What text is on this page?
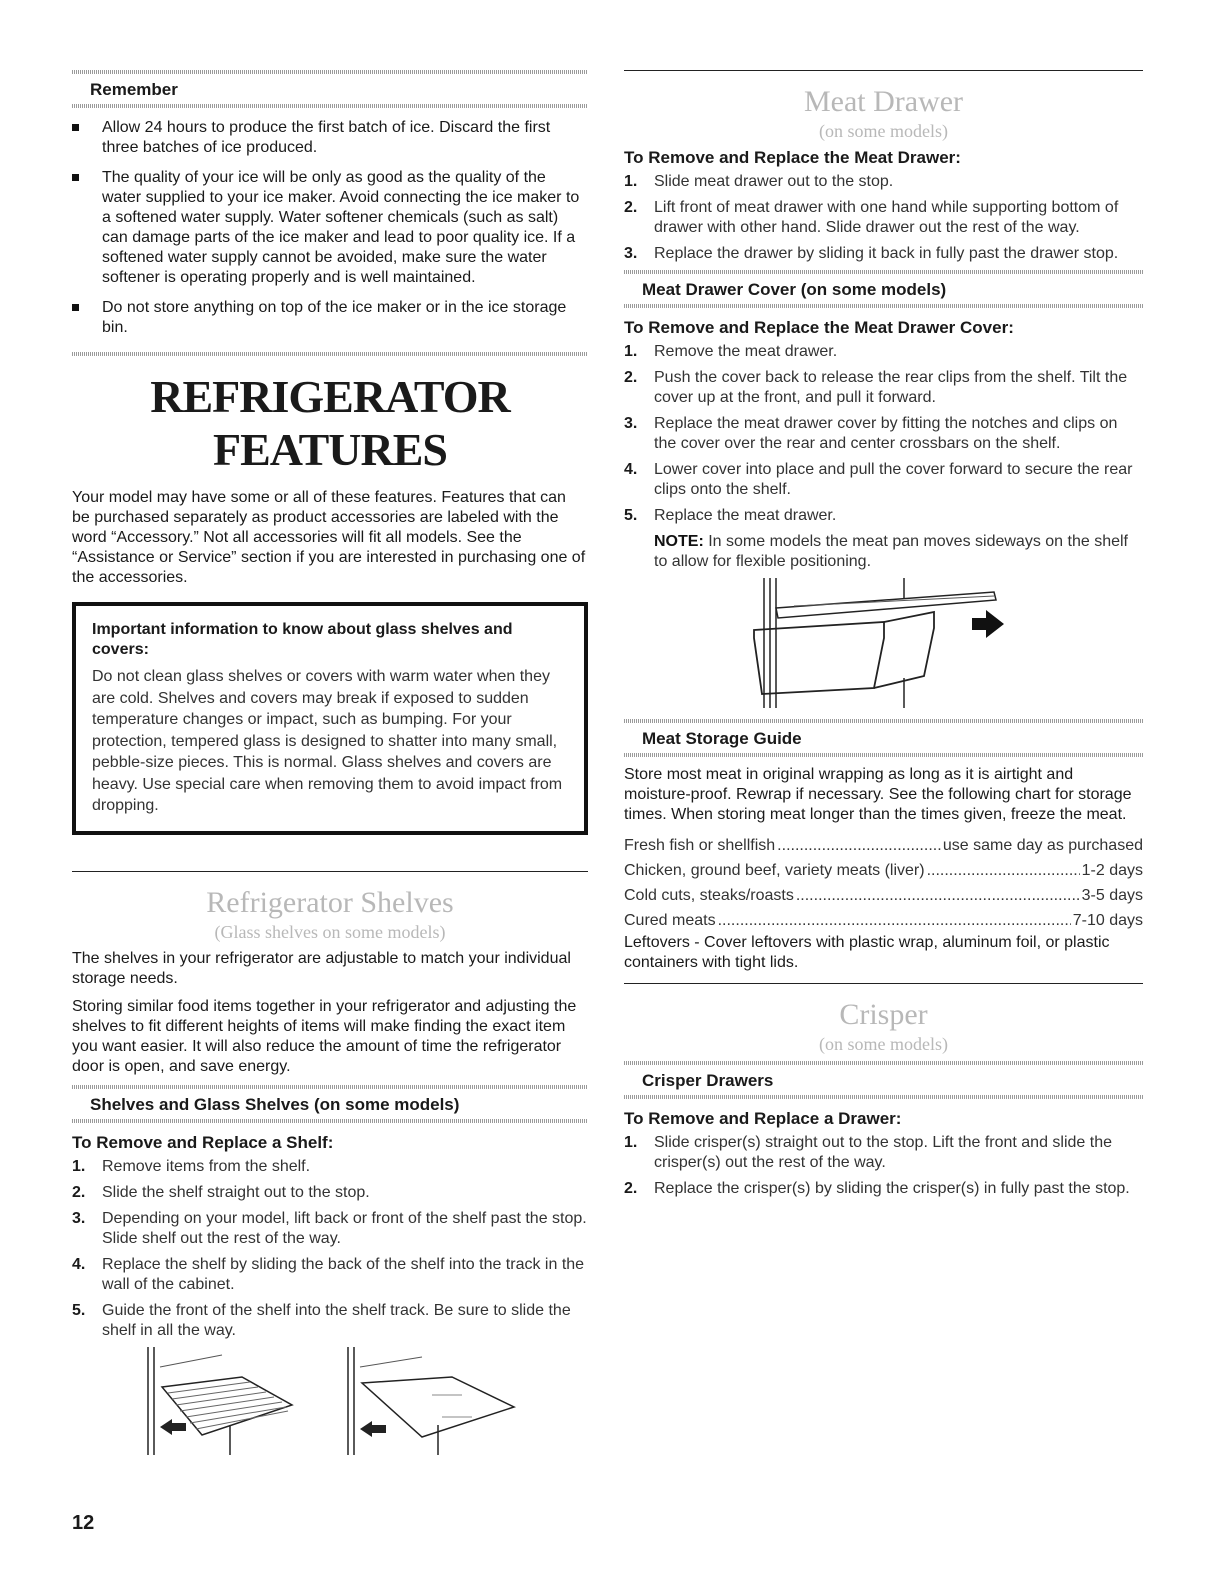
Remember
Allow 24 hours to produce the first batch of ice. Discard the first three batches of ice produced.
The quality of your ice will be only as good as the quality of the water supplied to your ice maker. Avoid connecting the ice maker to a softened water supply. Water softener chemicals (such as salt) can damage parts of the ice maker and lead to poor quality ice. If a softened water supply cannot be avoided, make sure the water softener is operating properly and is well maintained.
Do not store anything on top of the ice maker or in the ice storage bin.
REFRIGERATOR FEATURES

Your model may have some or all of these features. Features that can be purchased separately as product accessories are labeled with the word “Accessory.” Not all accessories will fit all models. See the “Assistance or Service” section if you are interested in purchasing one of the accessories.

Important information to know about glass shelves and covers:
Do not clean glass shelves or covers with warm water when they are cold. Shelves and covers may break if exposed to sudden temperature changes or impact, such as bumping. For your protection, tempered glass is designed to shatter into many small, pebble-size pieces. This is normal. Glass shelves and covers are heavy. Use special care when removing them to avoid impact from dropping.
Refrigerator Shelves
(Glass shelves on some models)

The shelves in your refrigerator are adjustable to match your individual storage needs.

Storing similar food items together in your refrigerator and adjusting the shelves to fit different heights of items will make finding the exact item you want easier. It will also reduce the amount of time the refrigerator door is open, and save energy.

Shelves and Glass Shelves (on some models)
To Remove and Replace a Shelf:
1. Remove items from the shelf.
2. Slide the shelf straight out to the stop.
3. Depending on your model, lift back or front of the shelf past the stop. Slide shelf out the rest of the way.
4. Replace the shelf by sliding the back of the shelf into the track in the wall of the cabinet.
5. Guide the front of the shelf into the shelf track. Be sure to slide the shelf in all the way.
Meat Drawer
(on some models)
To Remove and Replace the Meat Drawer:
1. Slide meat drawer out to the stop.
2. Lift front of meat drawer with one hand while supporting bottom of drawer with other hand. Slide drawer out the rest of the way.
3. Replace the drawer by sliding it back in fully past the drawer stop.
Meat Drawer Cover (on some models)
To Remove and Replace the Meat Drawer Cover:
1. Remove the meat drawer.
2. Push the cover back to release the rear clips from the shelf. Tilt the cover up at the front, and pull it forward.
3. Replace the meat drawer cover by fitting the notches and clips on the cover over the rear and center crossbars on the shelf.
4. Lower cover into place and pull the cover forward to secure the rear clips onto the shelf.
5. Replace the meat drawer.
NOTE: In some models the meat pan moves sideways on the shelf to allow for flexible positioning.
Meat Storage Guide

Store most meat in original wrapping as long as it is airtight and moisture-proof. Rewrap if necessary. See the following chart for storage times. When storing meat longer than the times given, freeze the meat.

Fresh fish or shellfish .....	use same day as purchased
Chicken, ground beef, variety meats (liver) .....	1-2 days
Cold cuts, steaks/roasts .....	3-5 days
Cured meats .....	7-10 days

Leftovers - Cover leftovers with plastic wrap, aluminum foil, or plastic containers with tight lids.

Crisper
(on some models)
Crisper Drawers
To Remove and Replace a Drawer:
1. Slide crisper(s) straight out to the stop. Lift the front and slide the crisper(s) out the rest of the way.
2. Replace the crisper(s) by sliding the crisper(s) in fully past the stop.
12
